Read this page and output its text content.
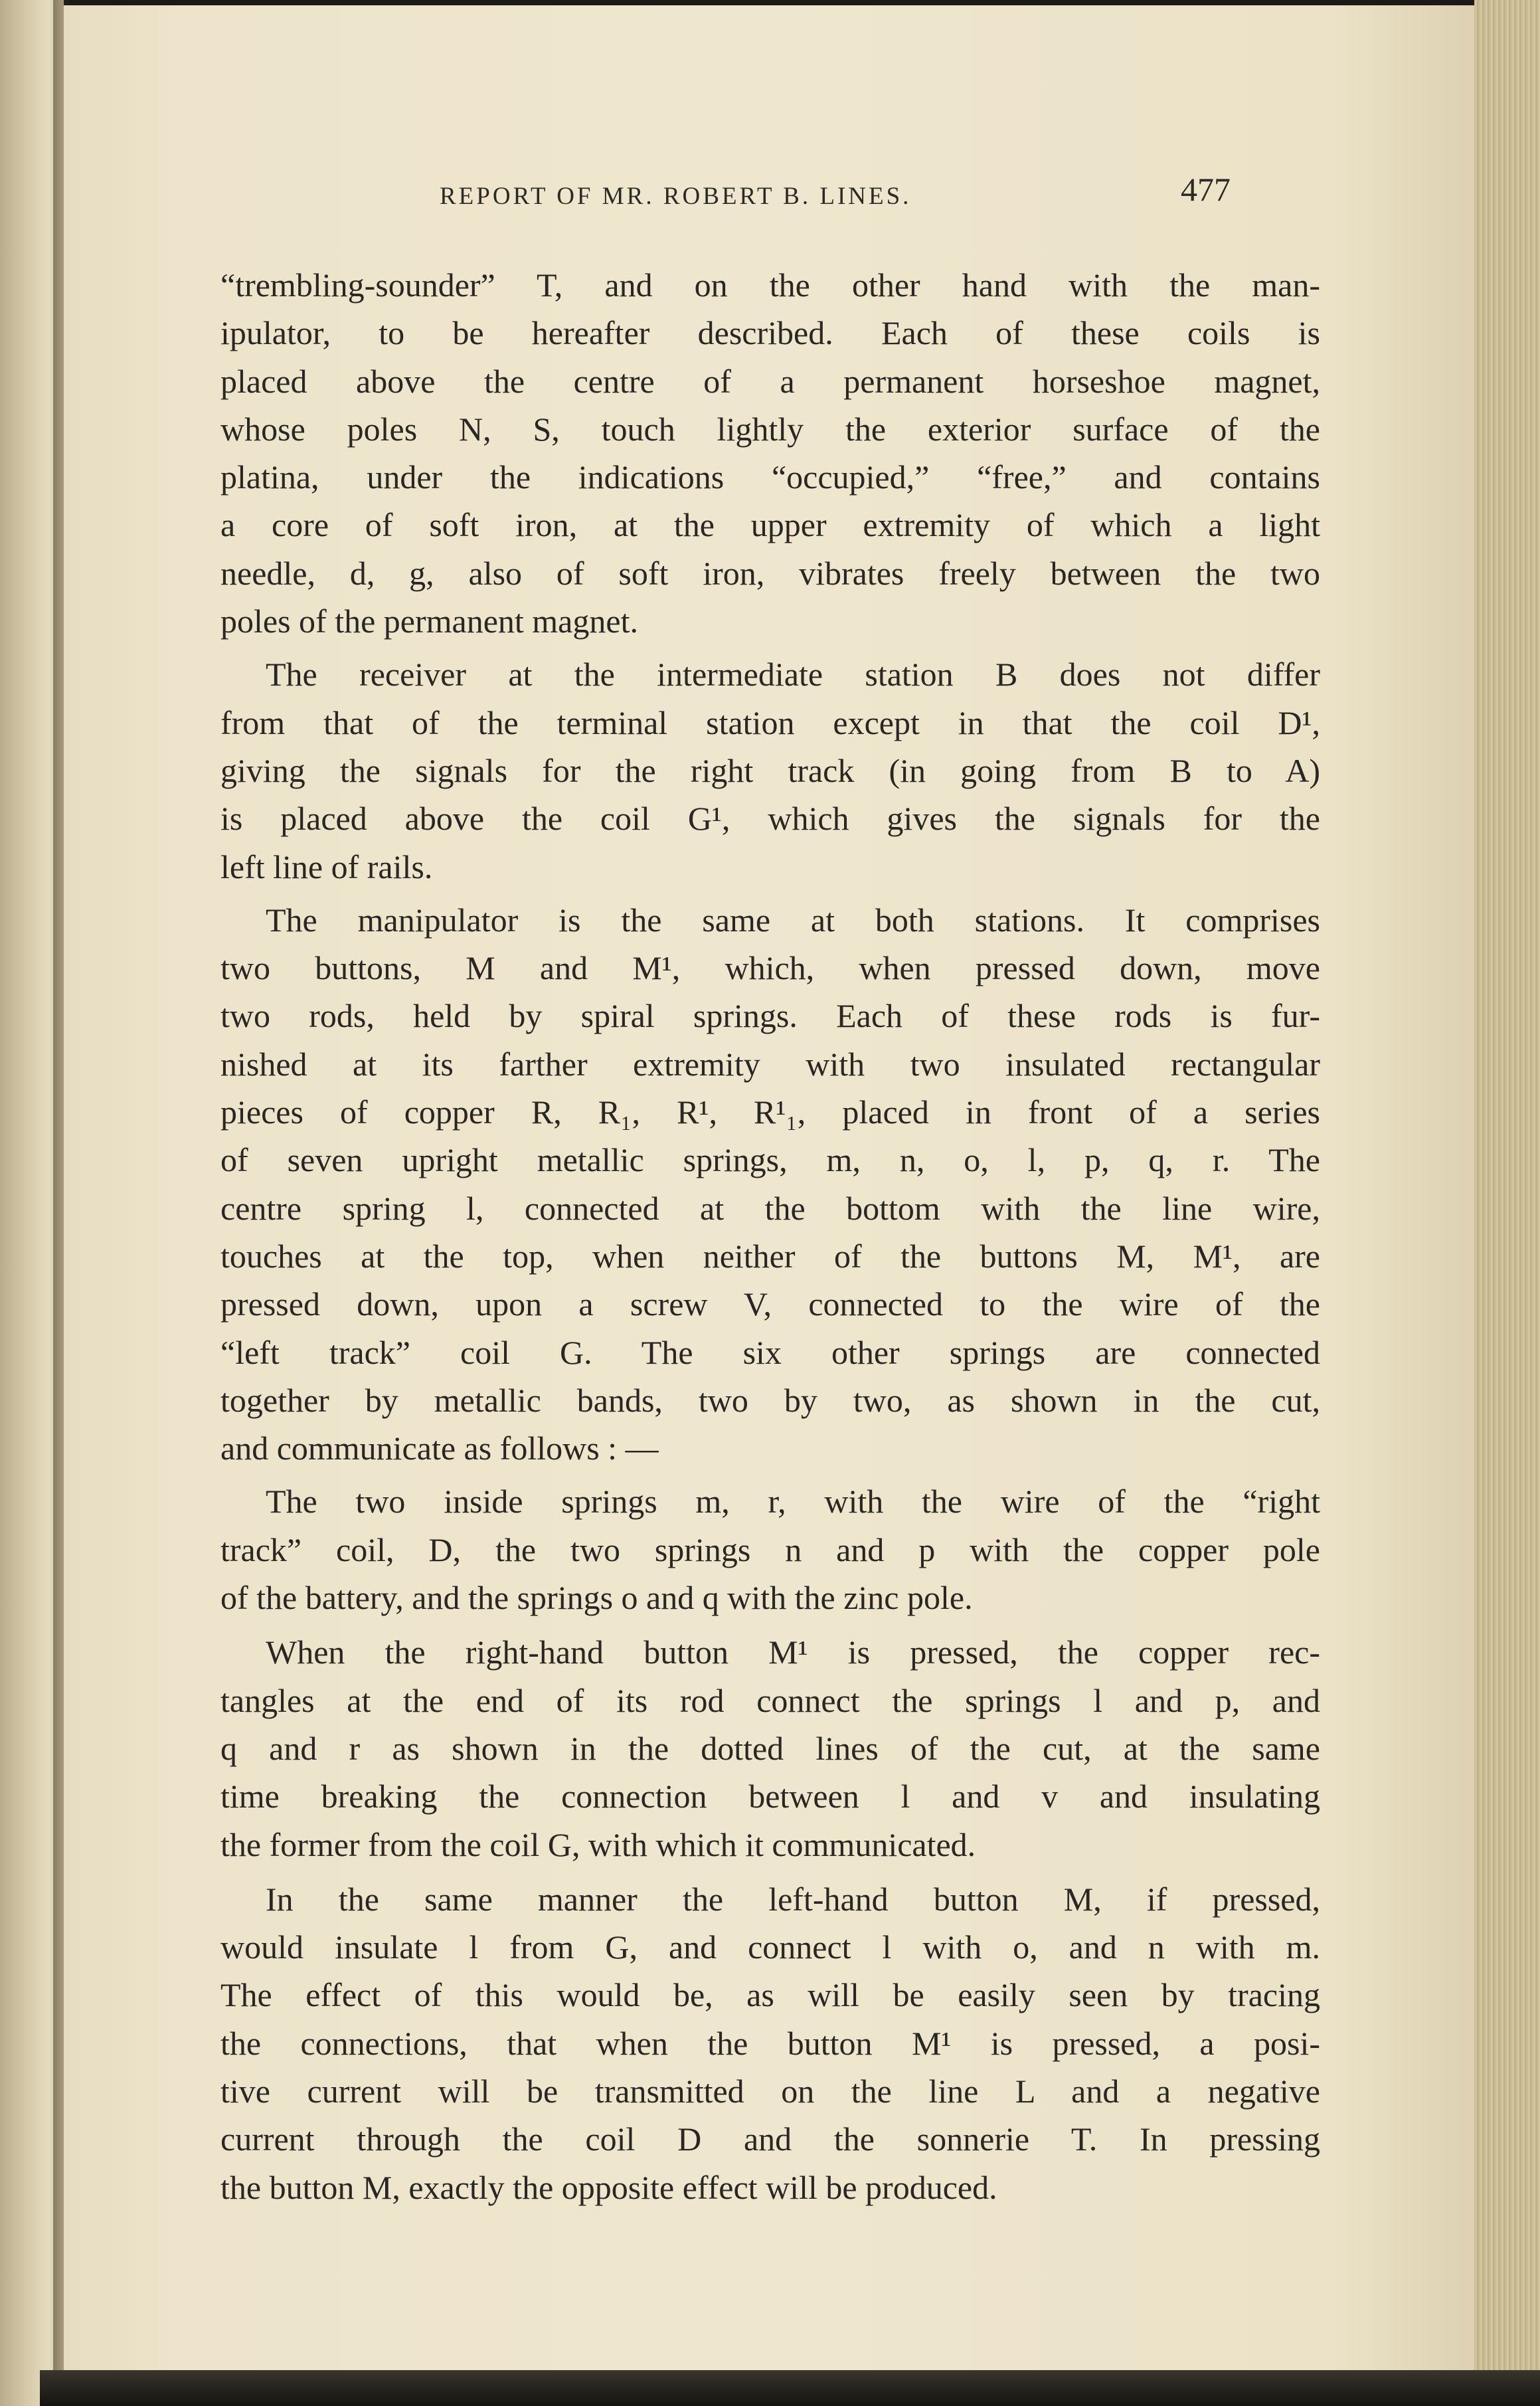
REPORT OF MR. ROBERT B. LINES.	477
“trembling-sounder” T, and on the other hand with the man-
ipulator, to be hereafter described. Each of these coils is
placed above the centre of a permanent horseshoe magnet,
whose poles N, S, touch lightly the exterior surface of the
platina, under the indications “occupied,” “free,” and contains
a core of soft iron, at the upper extremity of which a light
needle, d, g, also of soft iron, vibrates freely between the two
poles of the permanent magnet.
The receiver at the intermediate station B does not differ
from that of the terminal station except in that the coil D¹,
giving the signals for the right track (in going from B to A)
is placed above the coil G¹, which gives the signals for the
left line of rails.
The manipulator is the same at both stations. It comprises
two buttons, M and M¹, which, when pressed down, move
two rods, held by spiral springs. Each of these rods is fur-
nished at its farther extremity with two insulated rectangular
pieces of copper R, R₁, R¹, R¹₁, placed in front of a series
of seven upright metallic springs, m, n, o, l, p, q, r. The
centre spring l, connected at the bottom with the line wire,
touches at the top, when neither of the buttons M, M¹, are
pressed down, upon a screw V, connected to the wire of the
“left track” coil G. The six other springs are connected
together by metallic bands, two by two, as shown in the cut,
and communicate as follows : —
The two inside springs m, r, with the wire of the “right
track” coil, D, the two springs n and p with the copper pole
of the battery, and the springs o and q with the zinc pole.
When the right-hand button M¹ is pressed, the copper rec-
tangles at the end of its rod connect the springs l and p, and
q and r as shown in the dotted lines of the cut, at the same
time breaking the connection between l and v and insulating
the former from the coil G, with which it communicated.
In the same manner the left-hand button M, if pressed,
would insulate l from G, and connect l with o, and n with m.
The effect of this would be, as will be easily seen by tracing
the connections, that when the button M¹ is pressed, a posi-
tive current will be transmitted on the line L and a negative
current through the coil D and the sonnerie T. In pressing
the button M, exactly the opposite effect will be produced.
